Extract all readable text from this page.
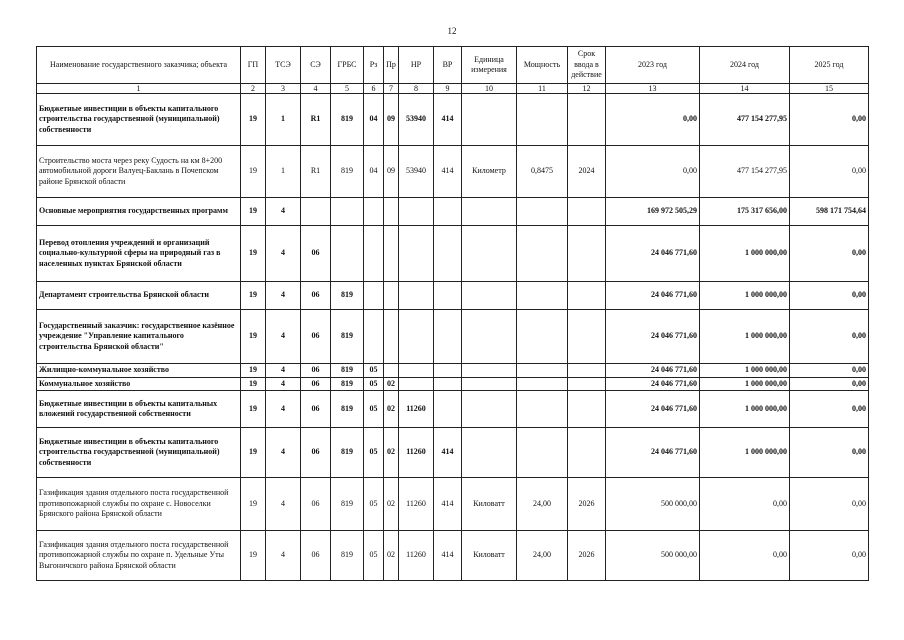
12
Наименование государственного заказчика; объекта	ГП	ТСЭ	СЭ	ГРБС	Рз	Пр	НР	ВР	Единица измерения	Мощность	Срок ввода в действие	2023 год	2024 год	2025 год
1	2	3	4	5	6	7	8	9	10	11	12	13	14	15
Бюджетные инвестиции в объекты капитального строительства государственной (муниципальной) собственности	19	1	R1	819	04	09	53940	414				0,00	477 154 277,95	0,00
Строительство моста через реку Судость на км 8+200 автомобильной дороги Валуец-Баклань в Почепском районе Брянской области	19	1	R1	819	04	09	53940	414	Километр	0,8475	2024	0,00	477 154 277,95	0,00
Основные мероприятия государственных программ	19	4										169 972 505,29	175 317 656,00	598 171 754,64
Перевод отопления учреждений и организаций социально-культурной сферы на природный газ в населенных пунктах Брянской области	19	4	06									24 046 771,60	1 000 000,00	0,00
Департамент строительства Брянской области	19	4	06	819								24 046 771,60	1 000 000,00	0,00
Государственный заказчик: государственное казённое учреждение "Управление капитального строительства Брянской области"	19	4	06	819								24 046 771,60	1 000 000,00	0,00
Жилищно-коммунальное хозяйство	19	4	06	819	05							24 046 771,60	1 000 000,00	0,00
Коммунальное хозяйство	19	4	06	819	05	02						24 046 771,60	1 000 000,00	0,00
Бюджетные инвестиции в объекты капитальных вложений государственной собственности	19	4	06	819	05	02	11260					24 046 771,60	1 000 000,00	0,00
Бюджетные инвестиции в объекты капитального строительства государственной (муниципальной) собственности	19	4	06	819	05	02	11260	414				24 046 771,60	1 000 000,00	0,00
Газификация здания отдельного поста государственной противопожарной службы по охране с. Новоселки Брянского района Брянской области	19	4	06	819	05	02	11260	414	Киловатт	24,00	2026	500 000,00	0,00	0,00
Газификация здания отдельного поста государственной противопожарной службы по охране п. Удельные Уты Выгоничского района Брянской области	19	4	06	819	05	02	11260	414	Киловатт	24,00	2026	500 000,00	0,00	0,00
